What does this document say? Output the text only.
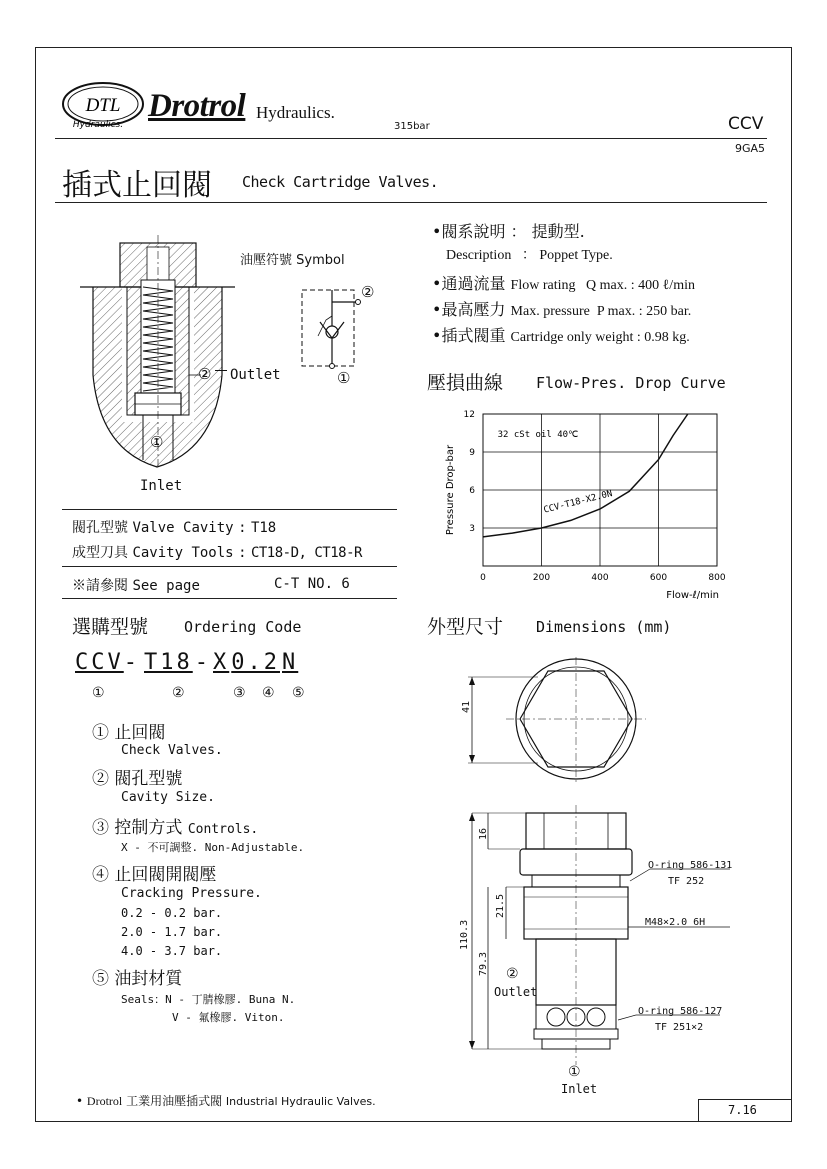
DTL
Hydraulics.
Drotrol Hydraulics.
315bar	CCV
9GA5
插式止回閥 Check Cartridge Valves.
② Outlet
①
Inlet
油壓符號 Symbol
②
①
•閥系說明 ： 提動型.
Description ： Poppet Type.
•通過流量 Flow rating Q max. : 400 ℓ/min
•最高壓力 Max. pressure P max. : 250 bar.
•插式閥重 Cartridge only weight : 0.98 kg.
壓損曲線 Flow-Pres. Drop Curve
0	200	400	600	800
3
6
9
12
Pressure Drop-bar
Flow-ℓ/min
32 cSt oil 40℃
CCV-T18-X2.0N
閥孔型號 Valve Cavity : T18
成型刀具 Cavity Tools : CT18-D, CT18-R
※請參閱 See page	C-T NO. 6
選購型號 Ordering Code
CCV- T18-X0.2N
①	②	③ ④ ⑤
① 止回閥
Check Valves.
② 閥孔型號
Cavity Size.
③ 控制方式 Controls.
X - 不可調整. Non-Adjustable.
④ 止回閥開閥壓
Cracking Pressure.
0.2 - 0.2 bar.
2.0 - 1.7 bar.
4.0 - 3.7 bar.
⑤ 油封材質
Seals：N - 丁腈橡膠. Buna N.
V - 氟橡膠. Viton.
外型尺寸 Dimensions (mm)
41
16
21.5
110.3
79.3
O-ring 586-131
TF 252
M48×2.0 6H
O-ring 586-127
TF 251×2
②
Outlet
①
Inlet
• Drotrol 工業用油壓插式閥 Industrial Hydraulic Valves.
7.16
